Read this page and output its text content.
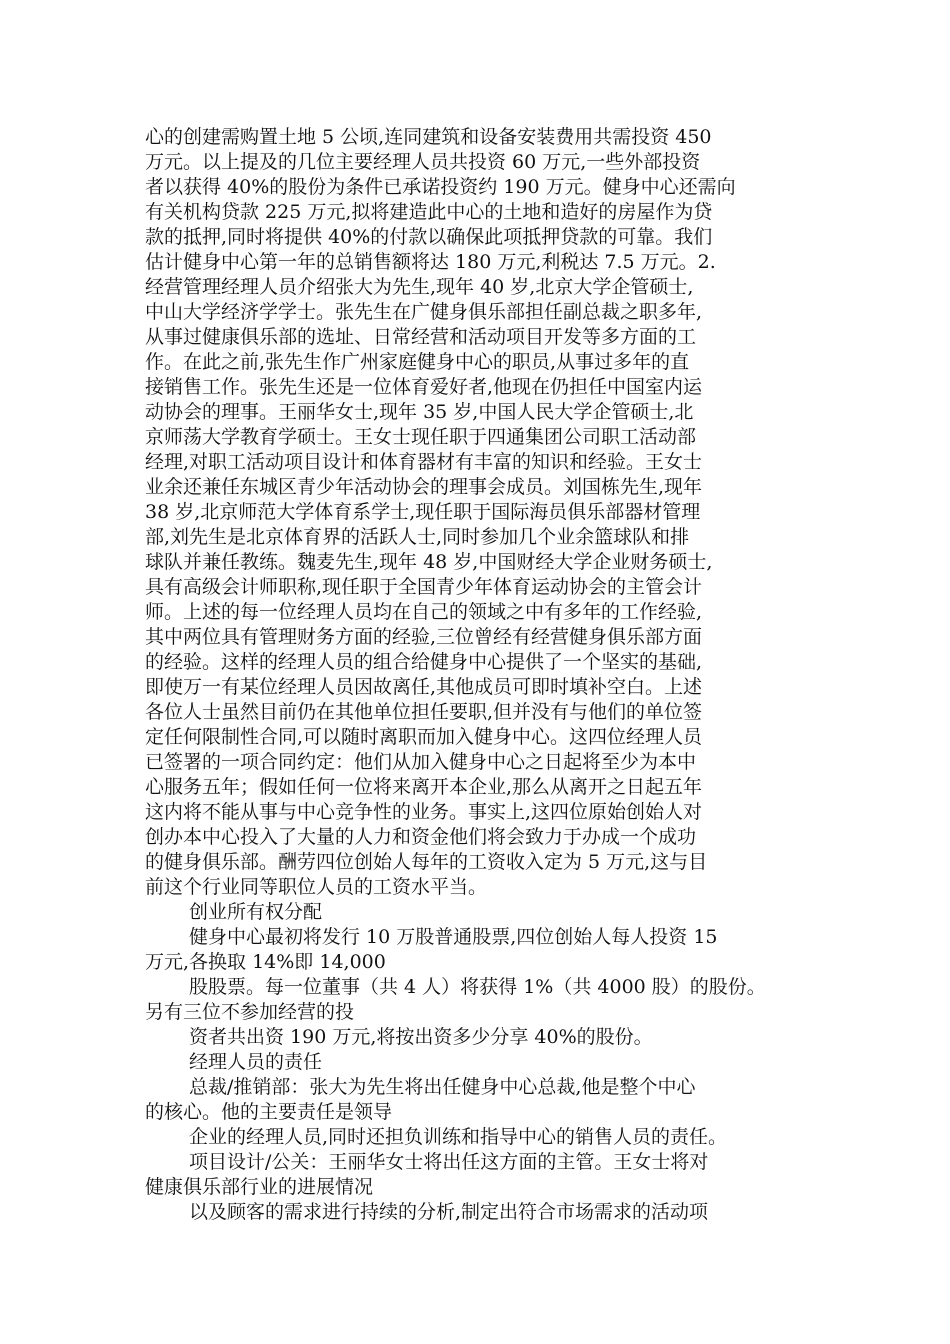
心的创建需购置土地 5 公顷,连同建筑和设备安装费用共需投资 450
万元。以上提及的几位主要经理人员共投资 60 万元,一些外部投资
者以获得 40%的股份为条件已承诺投资约 190 万元。健身中心还需向
有关机构贷款 225 万元,拟将建造此中心的土地和造好的房屋作为贷
款的抵押,同时将提供 40%的付款以确保此项抵押贷款的可靠。我们
估计健身中心第一年的总销售额将达 180 万元,利税达 7.5 万元。2.
经营管理经理人员介绍张大为先生,现年 40 岁,北京大学企管硕士,
中山大学经济学学士。张先生在广健身俱乐部担任副总裁之职多年,
从事过健康俱乐部的选址、日常经营和活动项目开发等多方面的工
作。在此之前,张先生作广州家庭健身中心的职员,从事过多年的直
接销售工作。张先生还是一位体育爱好者,他现在仍担任中国室内运
动协会的理事。王丽华女士,现年 35 岁,中国人民大学企管硕士,北
京师荡大学教育学硕士。王女士现任职于四通集团公司职工活动部
经理,对职工活动项目设计和体育器材有丰富的知识和经验。王女士
业余还兼任东城区青少年活动协会的理事会成员。刘国栋先生,现年
38 岁,北京师范大学体育系学士,现任职于国际海员俱乐部器材管理
部,刘先生是北京体育界的活跃人士,同时参加几个业余篮球队和排
球队并兼任教练。魏麦先生,现年 48 岁,中国财经大学企业财务硕士,
具有高级会计师职称,现任职于全国青少年体育运动协会的主管会计
师。上述的每一位经理人员均在自己的领域之中有多年的工作经验,
其中两位具有管理财务方面的经验,三位曾经有经营健身俱乐部方面
的经验。这样的经理人员的组合给健身中心提供了一个坚实的基础,
即使万一有某位经理人员因故离任,其他成员可即时填补空白。上述
各位人士虽然目前仍在其他单位担任要职,但并没有与他们的单位签
定任何限制性合同,可以随时离职而加入健身中心。这四位经理人员
已签署的一项合同约定：他们从加入健身中心之日起将至少为本中
心服务五年；假如任何一位将来离开本企业,那么从离开之日起五年
这内将不能从事与中心竞争性的业务。事实上,这四位原始创始人对
创办本中心投入了大量的人力和资金他们将会致力于办成一个成功
的健身俱乐部。酬劳四位创始人每年的工资收入定为 5 万元,这与目
前这个行业同等职位人员的工资水平当。
创业所有权分配
健身中心最初将发行 10 万股普通股票,四位创始人每人投资 15
万元,各换取 14%即 14,000
股股票。每一位董事（共 4 人）将获得 1%（共 4000 股）的股份。
另有三位不参加经营的投
资者共出资 190 万元,将按出资多少分享 40%的股份。
经理人员的责任
总裁/推销部：张大为先生将出任健身中心总裁,他是整个中心
的核心。他的主要责任是领导
企业的经理人员,同时还担负训练和指导中心的销售人员的责任。
项目设计/公关：王丽华女士将出任这方面的主管。王女士将对
健康俱乐部行业的进展情况
以及顾客的需求进行持续的分析,制定出符合市场需求的活动项
